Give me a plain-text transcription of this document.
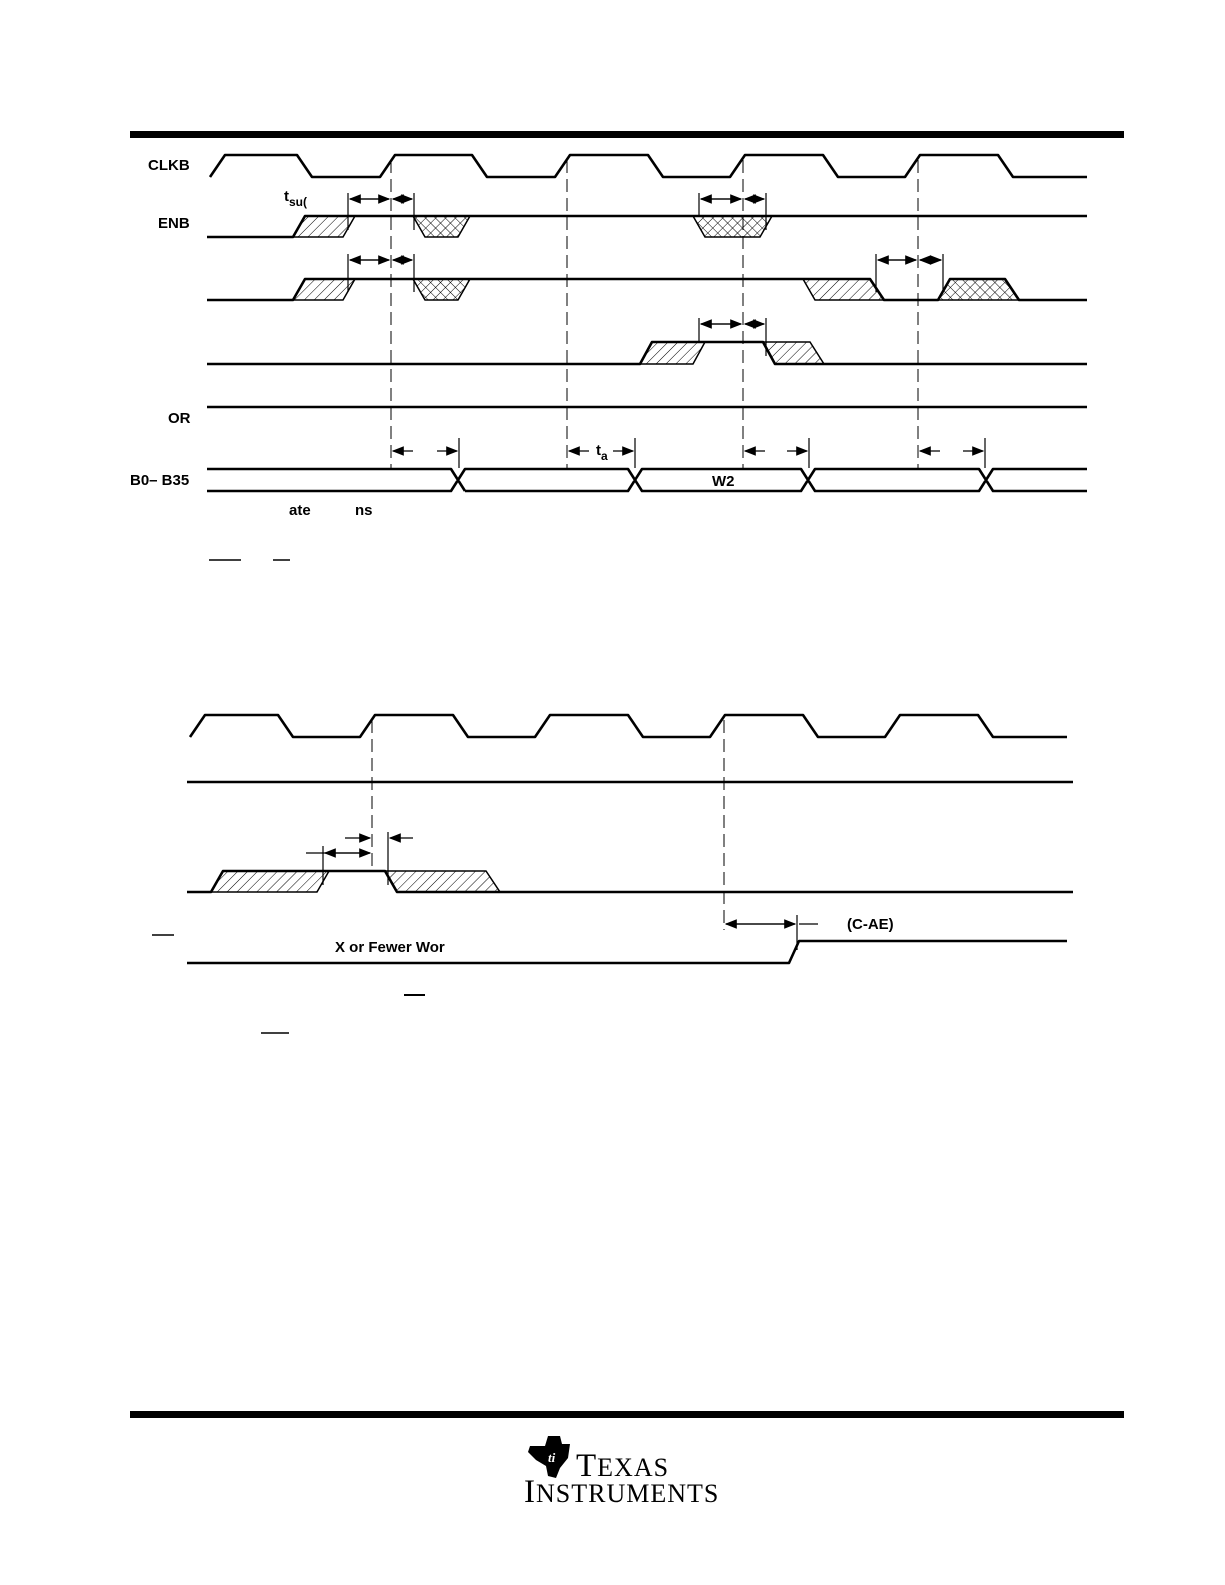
CLKB
ENB
OR
B0– B35
$t_{su(}$
$t_a$
W2
ate	ns
(C-AE)
X or Fewer Wor
ti TEXAS
INSTRUMENTS
